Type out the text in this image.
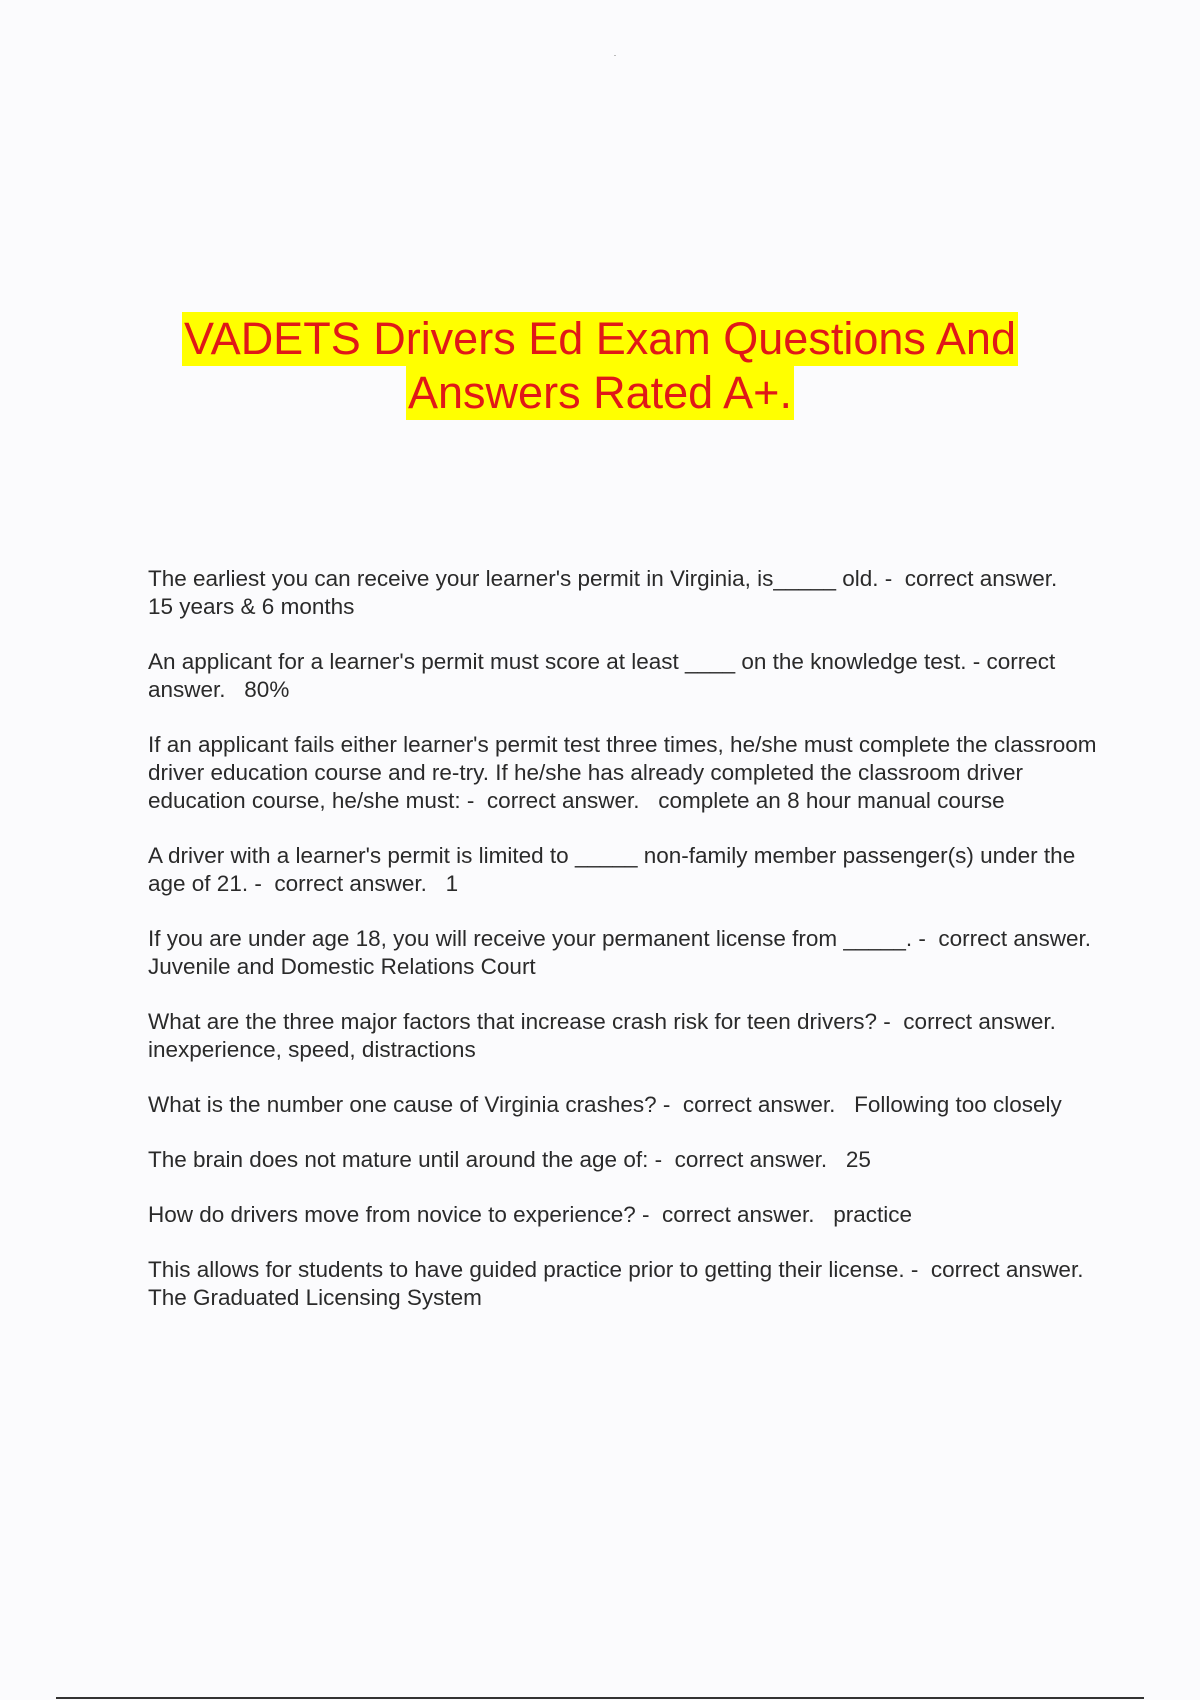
VADETS Drivers Ed Exam Questions And
Answers Rated A+.

The earliest you can receive your learner's permit in Virginia, is_____ old. -  correct answer.   15 years & 6 months

An applicant for a learner's permit must score at least ____ on the knowledge test. - correct answer.   80%

If an applicant fails either learner's permit test three times, he/she must complete the classroom driver education course and re-try. If he/she has already completed the classroom driver education course, he/she must: -  correct answer.   complete an 8 hour manual course

A driver with a learner's permit is limited to _____ non-family member passenger(s) under the age of 21. -  correct answer.   1

If you are under age 18, you will receive your permanent license from _____. -  correct answer.   Juvenile and Domestic Relations Court

What are the three major factors that increase crash risk for teen drivers? -  correct answer.   inexperience, speed, distractions

What is the number one cause of Virginia crashes? -  correct answer.   Following too closely

The brain does not mature until around the age of: -  correct answer.   25

How do drivers move from novice to experience? -  correct answer.   practice

This allows for students to have guided practice prior to getting their license. -  correct answer.   The Graduated Licensing System
